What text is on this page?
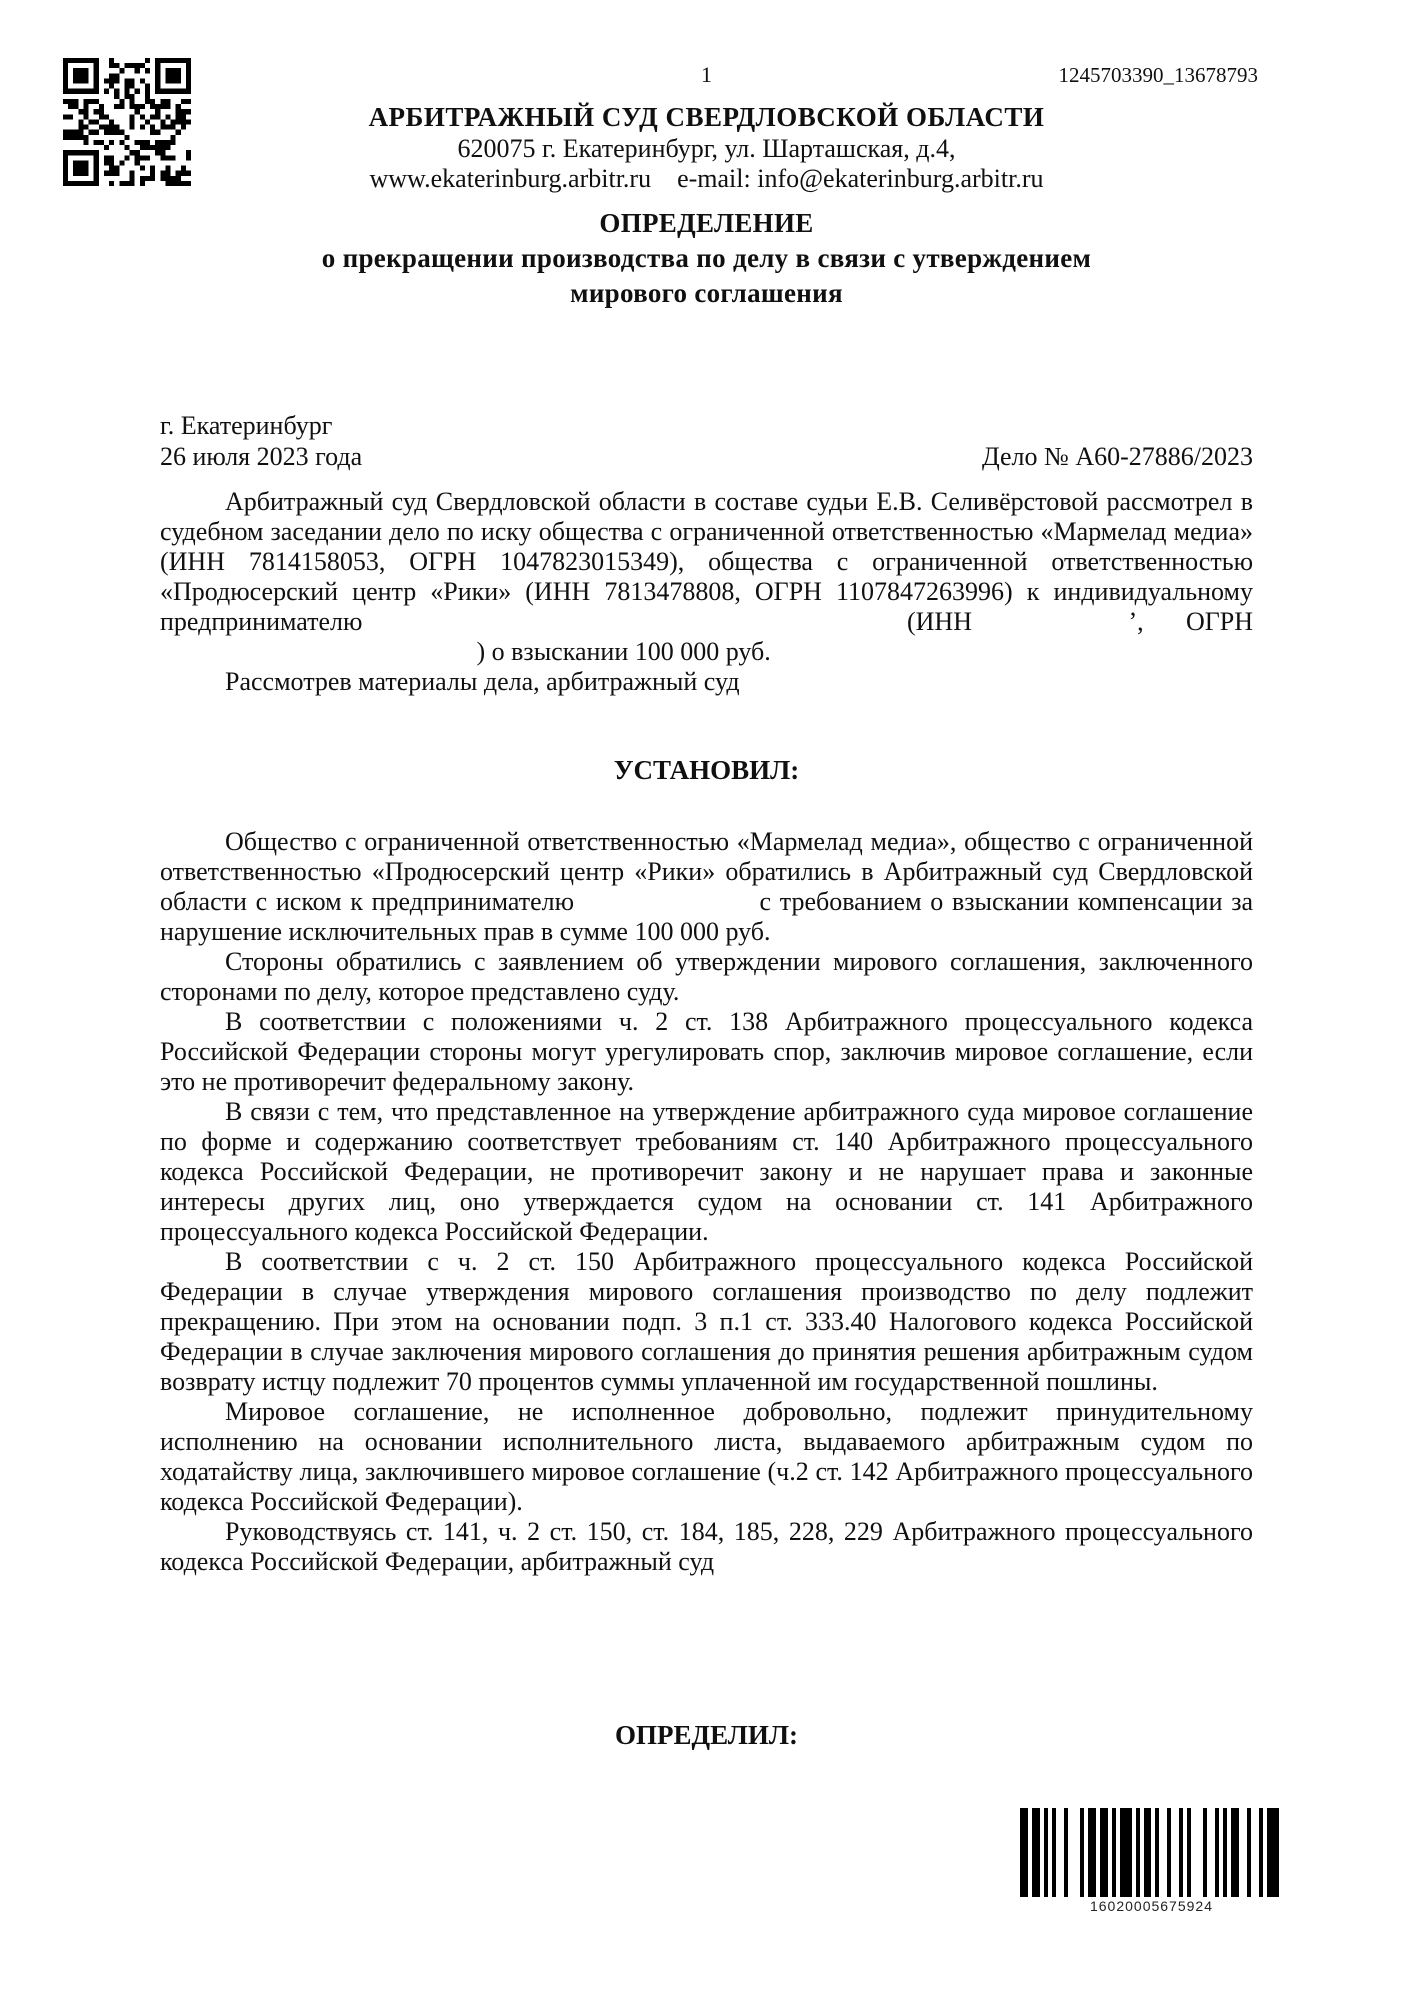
1	1245703390_13678793
АРБИТРАЖНЫЙ СУД СВЕРДЛОВСКОЙ ОБЛАСТИ
620075 г. Екатеринбург, ул. Шарташская, д.4,
www.ekaterinburg.arbitr.ru e-mail: info@ekaterinburg.arbitr.ru
ОПРЕДЕЛЕНИЕ
о прекращении производства по делу в связи с утверждением
мирового соглашения
г. Екатеринбург
26 июля 2023 года	Дело № А60-27886/2023

Арбитражный суд Свердловской области в составе судьи Е.В. Селивёрстовой рассмотрел в судебном заседании дело по иску общества с ограниченной ответственностью «Мармелад медиа» (ИНН 7814158053, ОГРН 1047823015349), общества с ограниченной ответственностью «Продюсерский центр «Рики» (ИНН 7813478808, ОГРН 1107847263996) к индивидуальному предпринимателю	(ИНН	’, ОГРН  ) о взыскании 100 000 руб.

Рассмотрев материалы дела, арбитражный суд

УСТАНОВИЛ:

Общество с ограниченной ответственностью «Мармелад медиа», общество с ограниченной ответственностью «Продюсерский центр «Рики» обратились в Арбитражный суд Свердловской области с иском к предпринимателю	с требованием о взыскании компенсации за нарушение исключительных прав в сумме 100 000 руб.

Стороны обратились с заявлением об утверждении мирового соглашения, заключенного сторонами по делу, которое представлено суду.

В соответствии с положениями ч. 2 ст. 138 Арбитражного процессуального кодекса Российской Федерации стороны могут урегулировать спор, заключив мировое соглашение, если это не противоречит федеральному закону.

В связи с тем, что представленное на утверждение арбитражного суда мировое соглашение по форме и содержанию соответствует требованиям ст. 140 Арбитражного процессуального кодекса Российской Федерации, не противоречит закону и не нарушает права и законные интересы других лиц, оно утверждается судом на основании ст. 141 Арбитражного процессуального кодекса Российской Федерации.

В соответствии с ч. 2 ст. 150 Арбитражного процессуального кодекса Российской Федерации в случае утверждения мирового соглашения производство по делу подлежит прекращению. При этом на основании подп. 3 п.1 ст. 333.40 Налогового кодекса Российской Федерации в случае заключения мирового соглашения до принятия решения арбитражным судом возврату истцу подлежит 70 процентов суммы уплаченной им государственной пошлины.

Мировое соглашение, не исполненное добровольно, подлежит принудительному исполнению на основании исполнительного листа, выдаваемого арбитражным судом по ходатайству лица, заключившего мировое соглашение (ч.2 ст. 142 Арбитражного процессуального кодекса Российской Федерации).

Руководствуясь ст. 141, ч. 2 ст. 150, ст. 184, 185, 228, 229 Арбитражного процессуального кодекса Российской Федерации, арбитражный суд

ОПРЕДЕЛИЛ:
16020005675924
